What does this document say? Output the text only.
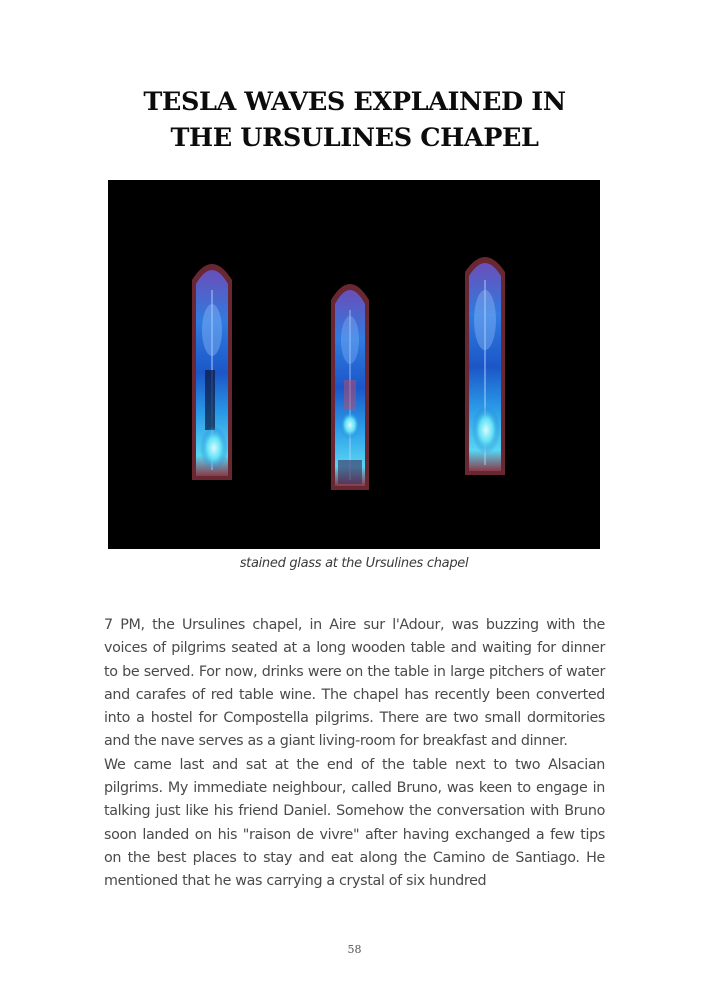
TESLA WAVES EXPLAINED IN
THE URSULINES CHAPEL
stained glass at the Ursulines chapel

7 PM, the Ursulines chapel, in Aire sur l'Adour, was buzzing with the voices of pilgrims seated at a long wooden table and waiting for dinner to be served. For now, drinks were on the table in large pitchers of water and carafes of red table wine. The chapel has recently been converted into a hostel for Compostella pilgrims. There are two small dormitories and the nave serves as a giant living-room for breakfast and dinner.

We came last and sat at the end of the table next to two Alsacian pilgrims. My immediate neighbour, called Bruno, was keen to engage in talking just like his friend Daniel. Somehow the conversation with Bruno soon landed on his "raison de vivre" after having exchanged a few tips on the best places to stay and eat along the Camino de Santiago. He mentioned that he was carrying a crystal of six hundred

58
